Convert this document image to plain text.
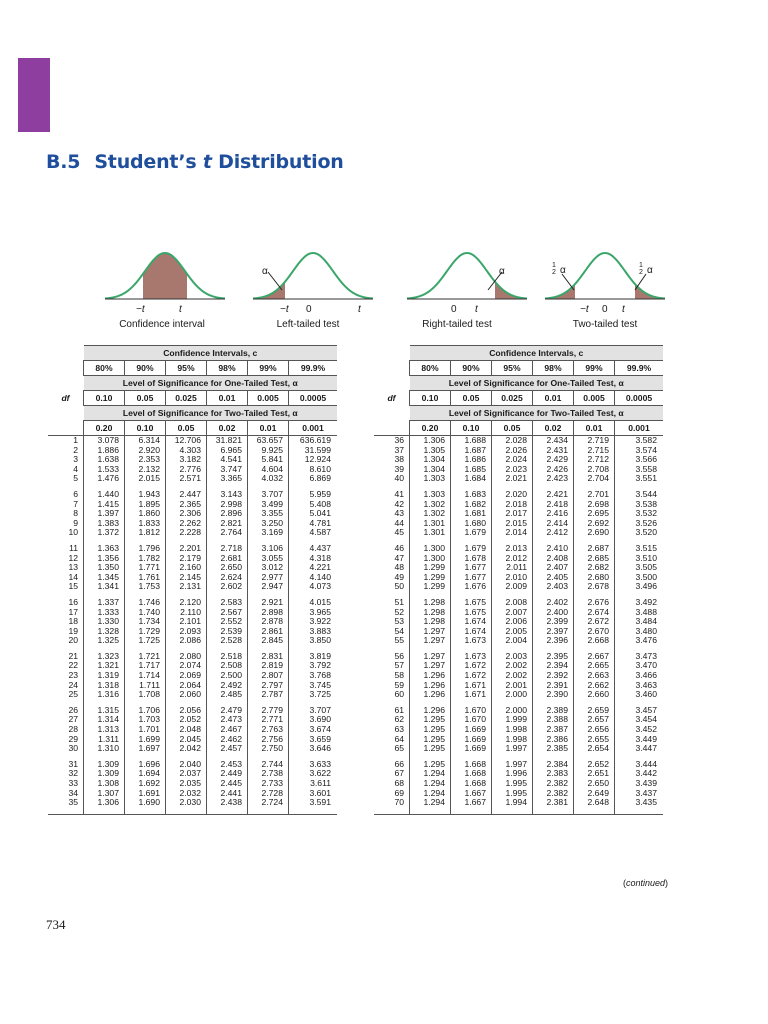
B.5 Student’s t Distribution
−t	t
Confidence interval
α
−t 0	t
Left-tailed test
α
0 t
Right-tailed test
1
2 α	1
2 α
−t 0 t
Two-tailed test
	Confidence Intervals, c					
	80%	90%	95%	98%	99%	99.9%
	Level of Significance for One-Tailed Test, α					
df	0.10	0.05	0.025	0.01	0.005	0.0005
	Level of Significance for Two-Tailed Test, α					
	0.20	0.10	0.05	0.02	0.01	0.001
1	3.078	6.314	12.706	31.821	63.657	636.619
2	1.886	2.920	4.303	6.965	9.925	31.599
3	1.638	2.353	3.182	4.541	5.841	12.924
4	1.533	2.132	2.776	3.747	4.604	8.610
5	1.476	2.015	2.571	3.365	4.032	6.869
6	1.440	1.943	2.447	3.143	3.707	5.959
7	1.415	1.895	2.365	2.998	3.499	5.408
8	1.397	1.860	2.306	2.896	3.355	5.041
9	1.383	1.833	2.262	2.821	3.250	4.781
10	1.372	1.812	2.228	2.764	3.169	4.587
11	1.363	1.796	2.201	2.718	3.106	4.437
12	1.356	1.782	2.179	2.681	3.055	4.318
13	1.350	1.771	2.160	2.650	3.012	4.221
14	1.345	1.761	2.145	2.624	2.977	4.140
15	1.341	1.753	2.131	2.602	2.947	4.073
16	1.337	1.746	2.120	2.583	2.921	4.015
17	1.333	1.740	2.110	2.567	2.898	3.965
18	1.330	1.734	2.101	2.552	2.878	3.922
19	1.328	1.729	2.093	2.539	2.861	3.883
20	1.325	1.725	2.086	2.528	2.845	3.850
21	1.323	1.721	2.080	2.518	2.831	3.819
22	1.321	1.717	2.074	2.508	2.819	3.792
23	1.319	1.714	2.069	2.500	2.807	3.768
24	1.318	1.711	2.064	2.492	2.797	3.745
25	1.316	1.708	2.060	2.485	2.787	3.725
26	1.315	1.706	2.056	2.479	2.779	3.707
27	1.314	1.703	2.052	2.473	2.771	3.690
28	1.313	1.701	2.048	2.467	2.763	3.674
29	1.311	1.699	2.045	2.462	2.756	3.659
30	1.310	1.697	2.042	2.457	2.750	3.646
31	1.309	1.696	2.040	2.453	2.744	3.633
32	1.309	1.694	2.037	2.449	2.738	3.622
33	1.308	1.692	2.035	2.445	2.733	3.611
34	1.307	1.691	2.032	2.441	2.728	3.601
35	1.306	1.690	2.030	2.438	2.724	3.591
	Confidence Intervals, c					
	80%	90%	95%	98%	99%	99.9%
	Level of Significance for One-Tailed Test, α					
df	0.10	0.05	0.025	0.01	0.005	0.0005
	Level of Significance for Two-Tailed Test, α					
	0.20	0.10	0.05	0.02	0.01	0.001
36	1.306	1.688	2.028	2.434	2.719	3.582
37	1.305	1.687	2.026	2.431	2.715	3.574
38	1.304	1.686	2.024	2.429	2.712	3.566
39	1.304	1.685	2.023	2.426	2.708	3.558
40	1.303	1.684	2.021	2.423	2.704	3.551
41	1.303	1.683	2.020	2.421	2.701	3.544
42	1.302	1.682	2.018	2.418	2.698	3.538
43	1.302	1.681	2.017	2.416	2.695	3.532
44	1.301	1.680	2.015	2.414	2.692	3.526
45	1.301	1.679	2.014	2.412	2.690	3.520
46	1.300	1.679	2.013	2.410	2.687	3.515
47	1.300	1.678	2.012	2.408	2.685	3.510
48	1.299	1.677	2.011	2.407	2.682	3.505
49	1.299	1.677	2.010	2.405	2.680	3.500
50	1.299	1.676	2.009	2.403	2.678	3.496
51	1.298	1.675	2.008	2.402	2.676	3.492
52	1.298	1.675	2.007	2.400	2.674	3.488
53	1.298	1.674	2.006	2.399	2.672	3.484
54	1.297	1.674	2.005	2.397	2.670	3.480
55	1.297	1.673	2.004	2.396	2.668	3.476
56	1.297	1.673	2.003	2.395	2.667	3.473
57	1.297	1.672	2.002	2.394	2.665	3.470
58	1.296	1.672	2.002	2.392	2.663	3.466
59	1.296	1.671	2.001	2.391	2.662	3.463
60	1.296	1.671	2.000	2.390	2.660	3.460
61	1.296	1.670	2.000	2.389	2.659	3.457
62	1.295	1.670	1.999	2.388	2.657	3.454
63	1.295	1.669	1.998	2.387	2.656	3.452
64	1.295	1.669	1.998	2.386	2.655	3.449
65	1.295	1.669	1.997	2.385	2.654	3.447
66	1.295	1.668	1.997	2.384	2.652	3.444
67	1.294	1.668	1.996	2.383	2.651	3.442
68	1.294	1.668	1.995	2.382	2.650	3.439
69	1.294	1.667	1.995	2.382	2.649	3.437
70	1.294	1.667	1.994	2.381	2.648	3.435
(continued)
734
